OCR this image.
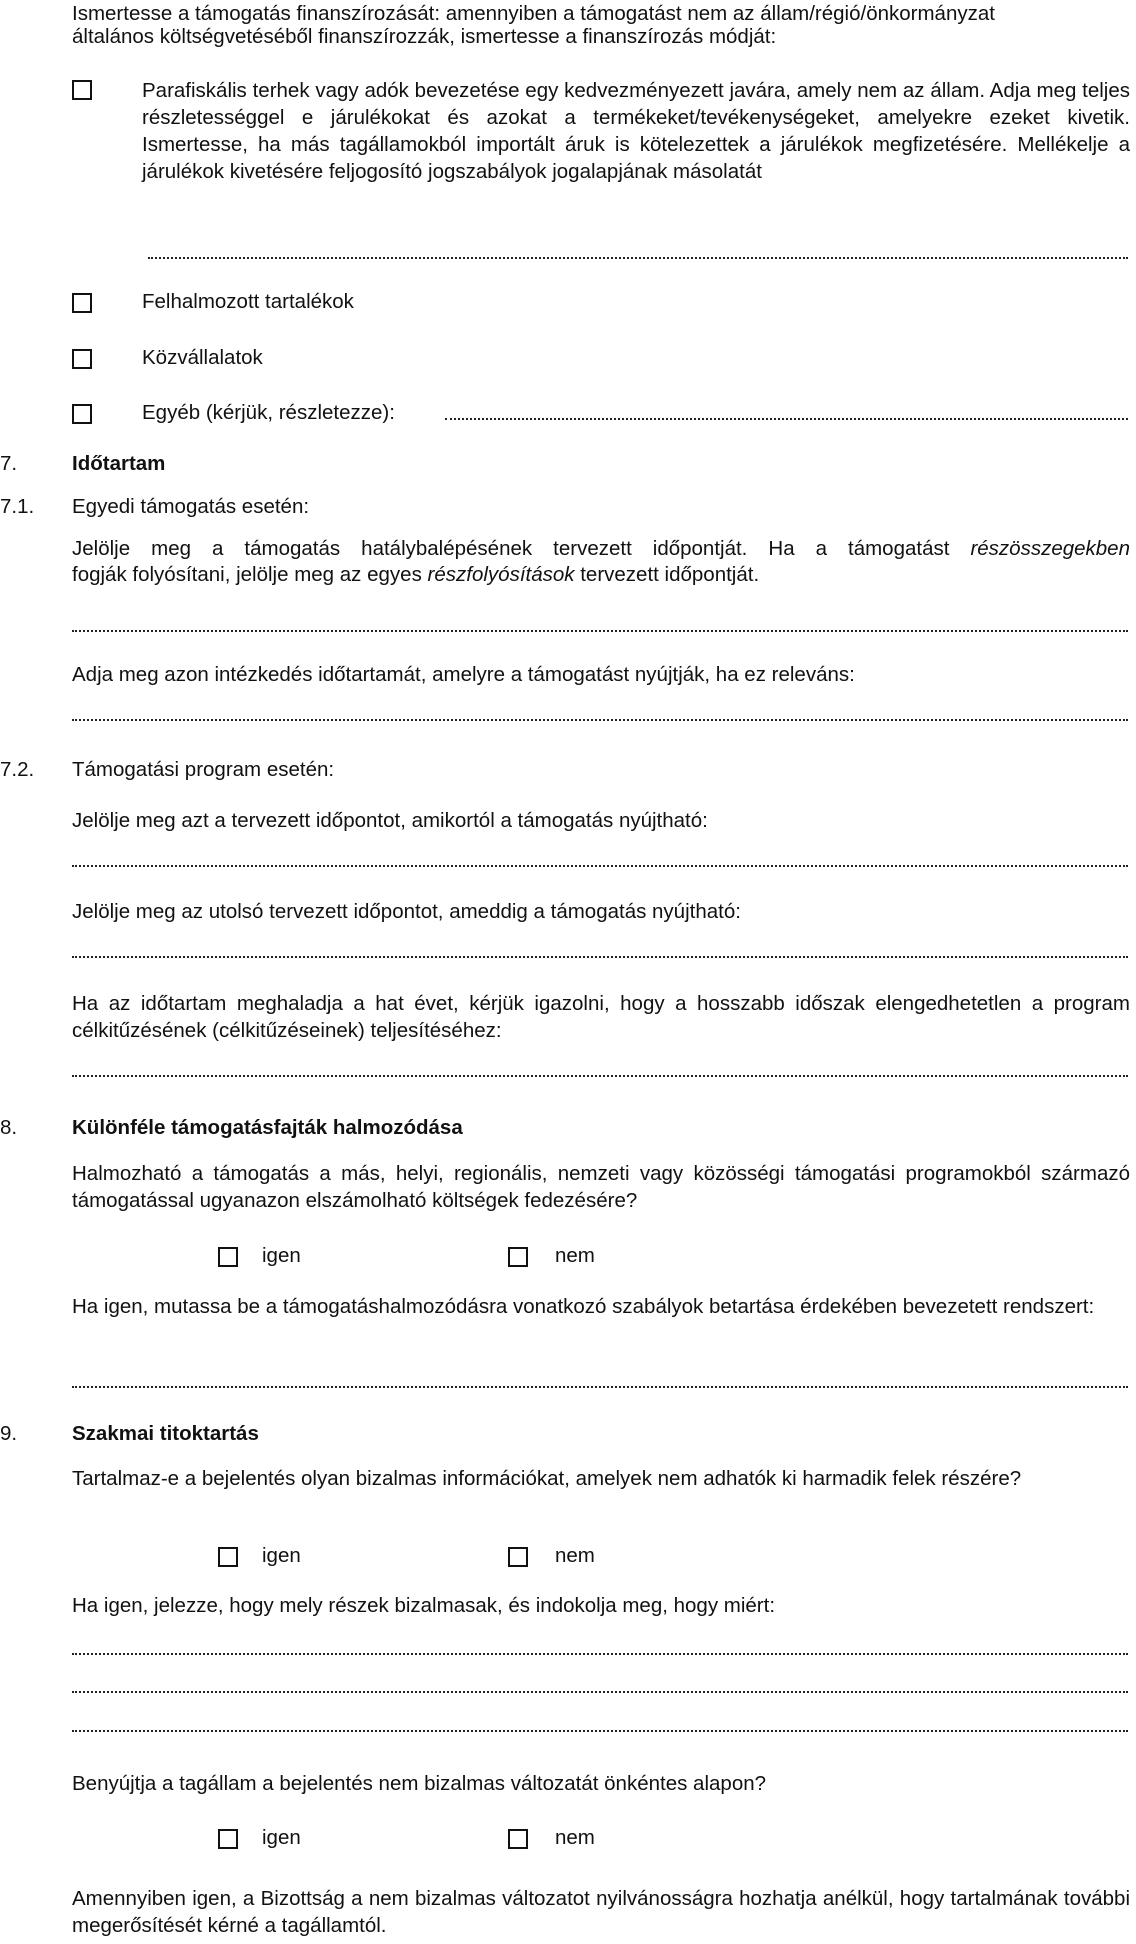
Ismertesse a támogatás finanszírozását: amennyiben a támogatást nem az állam/régió/önkormányzat

általános költségvetéséből finanszírozzák, ismertesse a finanszírozás módját:

Parafiskális terhek vagy adók bevezetése egy kedvezményezett javára, amely nem az állam. Adja meg teljes részletességgel e járulékokat és azokat a termékeket/tevékenységeket, amelyekre ezeket kivetik. Ismertesse, ha más tagállamokból importált áruk is kötelezettek a járulékok megfizetésére. Mellékelje a járulékok kivetésére feljogosító jogszabályok jogalapjának másolatát

Felhalmozott tartalékok

Közvállalatok

Egyéb (kérjük, részletezze):

7.	Időtartam
7.1. Egyedi támogatás esetén:

Jelölje meg a támogatás hatálybalépésének tervezett időpontját. Ha a támogatást részösszegekben

fogják folyósítani, jelölje meg az egyes részfolyósítások tervezett időpontját.

Adja meg azon intézkedés időtartamát, amelyre a támogatást nyújtják, ha ez releváns:

7.2. Támogatási program esetén:

Jelölje meg azt a tervezett időpontot, amikortól a támogatás nyújtható:

Jelölje meg az utolsó tervezett időpontot, ameddig a támogatás nyújtható:

Ha az időtartam meghaladja a hat évet, kérjük igazolni, hogy a hosszabb időszak elengedhetetlen a program célkitűzésének (célkitűzéseinek) teljesítéséhez:

8.	Különféle támogatásfajták halmozódása

Halmozható a támogatás a más, helyi, regionális, nemzeti vagy közösségi támogatási programokból származó támogatással ugyanazon elszámolható költségek fedezésére?

igen	nem

Ha igen, mutassa be a támogatáshalmozódásra vonatkozó szabályok betartása érdekében bevezetett rendszert:

9.	Szakmai titoktartás

Tartalmaz-e a bejelentés olyan bizalmas információkat, amelyek nem adhatók ki harmadik felek részére?

igen	nem

Ha igen, jelezze, hogy mely részek bizalmasak, és indokolja meg, hogy miért:

Benyújtja a tagállam a bejelentés nem bizalmas változatát önkéntes alapon?

igen	nem

Amennyiben igen, a Bizottság a nem bizalmas változatot nyilvánosságra hozhatja anélkül, hogy tartalmának további megerősítését kérné a tagállamtól.
